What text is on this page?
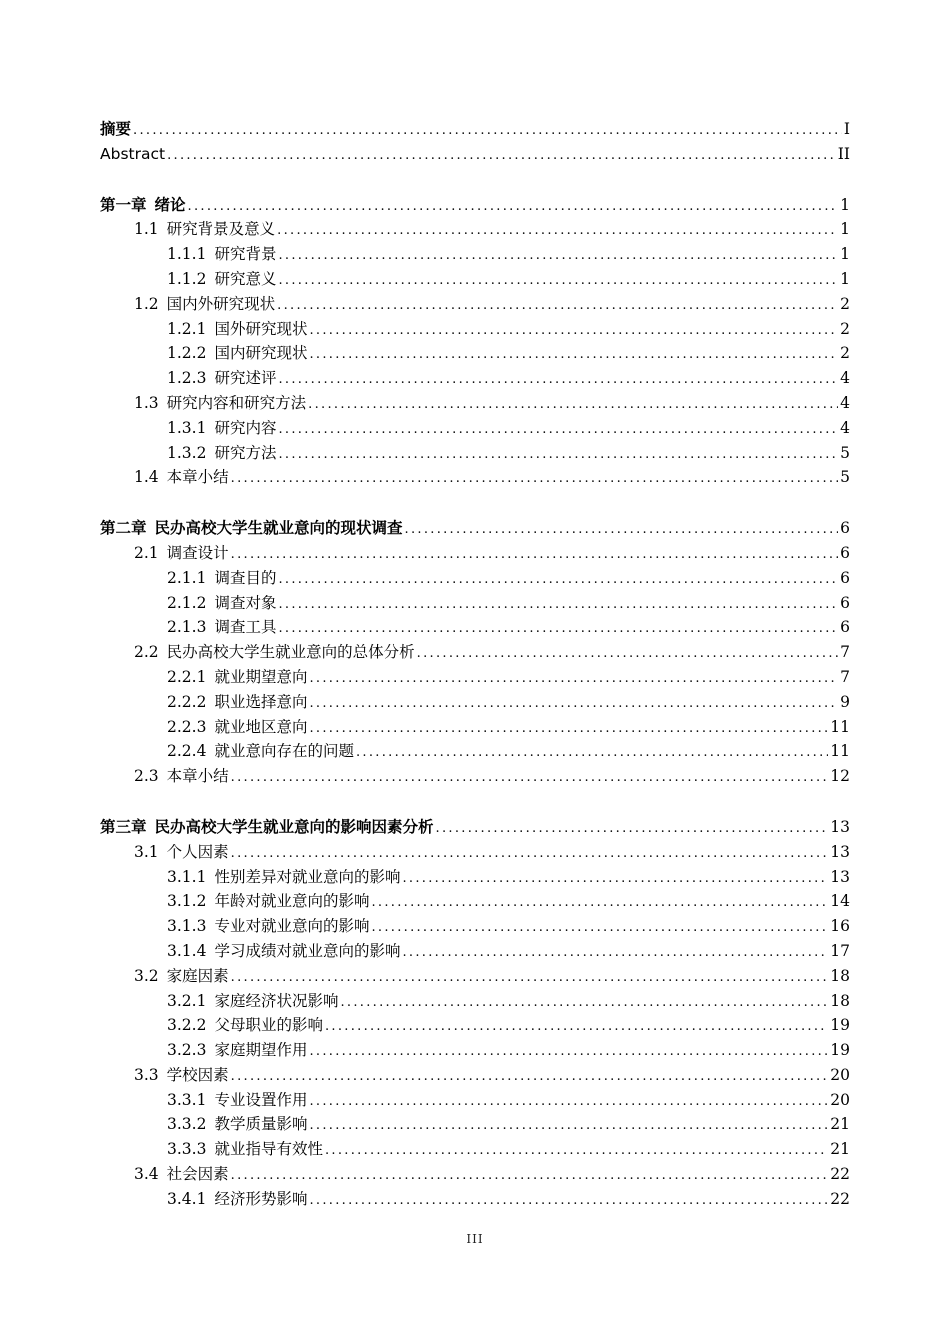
摘要 .....	I
Abstract .....	II
第一章 绪论 .....	1
1.1 研究背景及意义 .....	1
1.1.1 研究背景 .....	1
1.1.2 研究意义 .....	1
1.2 国内外研究现状 .....	2
1.2.1 国外研究现状 .....	2
1.2.2 国内研究现状 .....	2
1.2.3 研究述评 .....	4
1.3 研究内容和研究方法 .....	4
1.3.1 研究内容 .....	4
1.3.2 研究方法 .....	5
1.4 本章小结 .....	5
第二章 民办高校大学生就业意向的现状调查 .....	6
2.1 调查设计 .....	6
2.1.1 调查目的 .....	6
2.1.2 调查对象 .....	6
2.1.3 调查工具 .....	6
2.2 民办高校大学生就业意向的总体分析 .....	7
2.2.1 就业期望意向 .....	7
2.2.2 职业选择意向 .....	9
2.2.3 就业地区意向 .....	11
2.2.4 就业意向存在的问题 .....	11
2.3 本章小结 .....	12
第三章 民办高校大学生就业意向的影响因素分析 .....	13
3.1 个人因素 .....	13
3.1.1 性别差异对就业意向的影响 .....	13
3.1.2 年龄对就业意向的影响 .....	14
3.1.3 专业对就业意向的影响 .....	16
3.1.4 学习成绩对就业意向的影响 .....	17
3.2 家庭因素 .....	18
3.2.1 家庭经济状况影响 .....	18
3.2.2 父母职业的影响 .....	19
3.2.3 家庭期望作用 .....	19
3.3 学校因素 .....	20
3.3.1 专业设置作用 .....	20
3.3.2 教学质量影响 .....	21
3.3.3 就业指导有效性 .....	21
3.4 社会因素 .....	22
3.4.1 经济形势影响 .....	22
III
